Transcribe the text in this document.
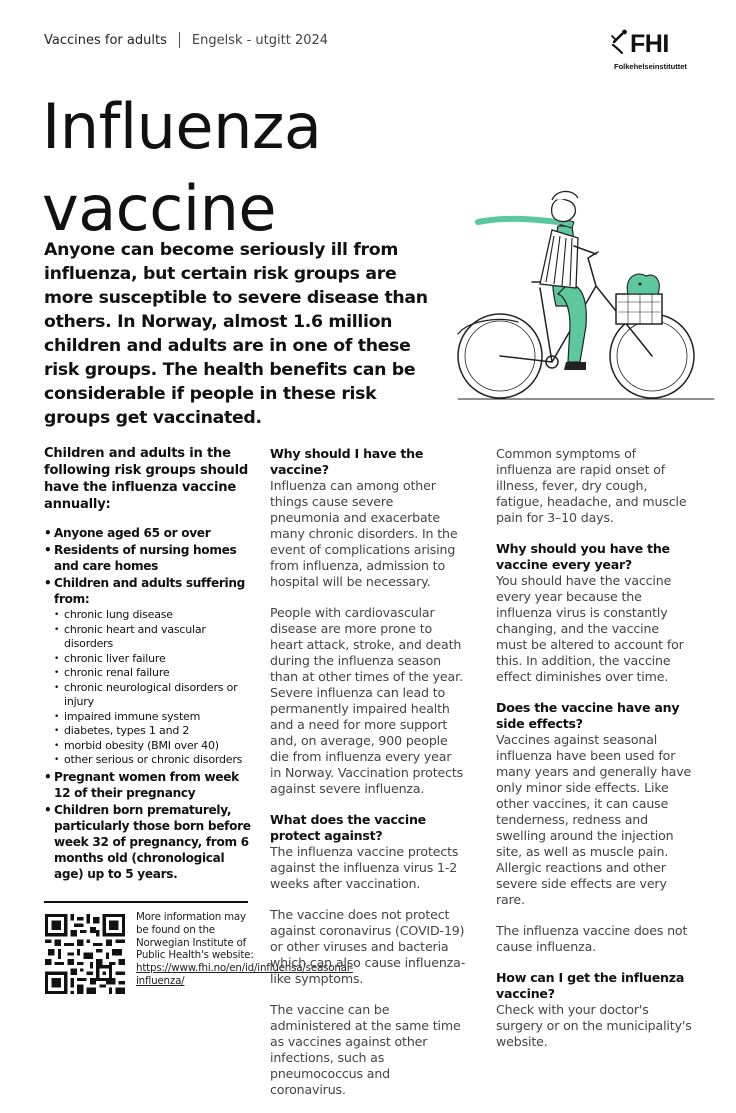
Vaccines for adults Engelsk - utgitt 2024	FHI
Folkehelseinstituttet
Influenza
vaccine

Anyone can become seriously ill from influenza, but certain risk groups are more susceptible to severe disease than others. In Norway, almost 1.6 million children and adults are in one of these risk groups. The health benefits can be considerable if people in these risk groups get vaccinated.

Children and adults in the following risk groups should have the influenza vaccine annually:

• Anyone aged 65 or over
• Residents of nursing homes and care homes
• Children and adults suffering from:
• chronic lung disease
• chronic heart and vascular disorders
• chronic liver failure
• chronic renal failure
• chronic neurological disorders or injury
• impaired immune system
• diabetes, types 1 and 2
• morbid obesity (BMI over 40)
• other serious or chronic disorders
• Pregnant women from week 12 of their pregnancy
• Children born prematurely, particularly those born before week 32 of pregnancy, from 6 months old (chronological age) up to 5 years.
More information may be found on the Norwegian Institute of Public Health's website: https://www.fhi.no/en/id/influensa/seasonal-influenza/
Why should I have the vaccine?

Influenza can among other things cause severe pneumonia and exacerbate many chronic disorders. In the event of complications arising from influenza, admission to hospital will be necessary.

People with cardiovascular disease are more prone to heart attack, stroke, and death during the influenza season than at other times of the year. Severe influenza can lead to permanently impaired health and a need for more support and, on average, 900 people die from influenza every year in Norway. Vaccination protects against severe influenza.

What does the vaccine protect against?

The influenza vaccine protects against the influenza virus 1-2 weeks after vaccination.

The vaccine does not protect against coronavirus (COVID-19) or other viruses and bacteria which can also cause influenza-like symptoms.

The vaccine can be administered at the same time as vaccines against other infections, such as pneumococcus and coronavirus.

Common symptoms of influenza are rapid onset of illness, fever, dry cough, fatigue, headache, and muscle pain for 3–10 days.

Why should you have the vaccine every year?

You should have the vaccine every year because the influenza virus is constantly changing, and the vaccine must be altered to account for this. In addition, the vaccine effect diminishes over time.

Does the vaccine have any side effects?

Vaccines against seasonal influenza have been used for many years and generally have only minor side effects. Like other vaccines, it can cause tenderness, redness and swelling around the injection site, as well as muscle pain. Allergic reactions and other severe side effects are very rare.

The influenza vaccine does not cause influenza.

How can I get the influenza vaccine?

Check with your doctor's surgery or on the municipality's website.
